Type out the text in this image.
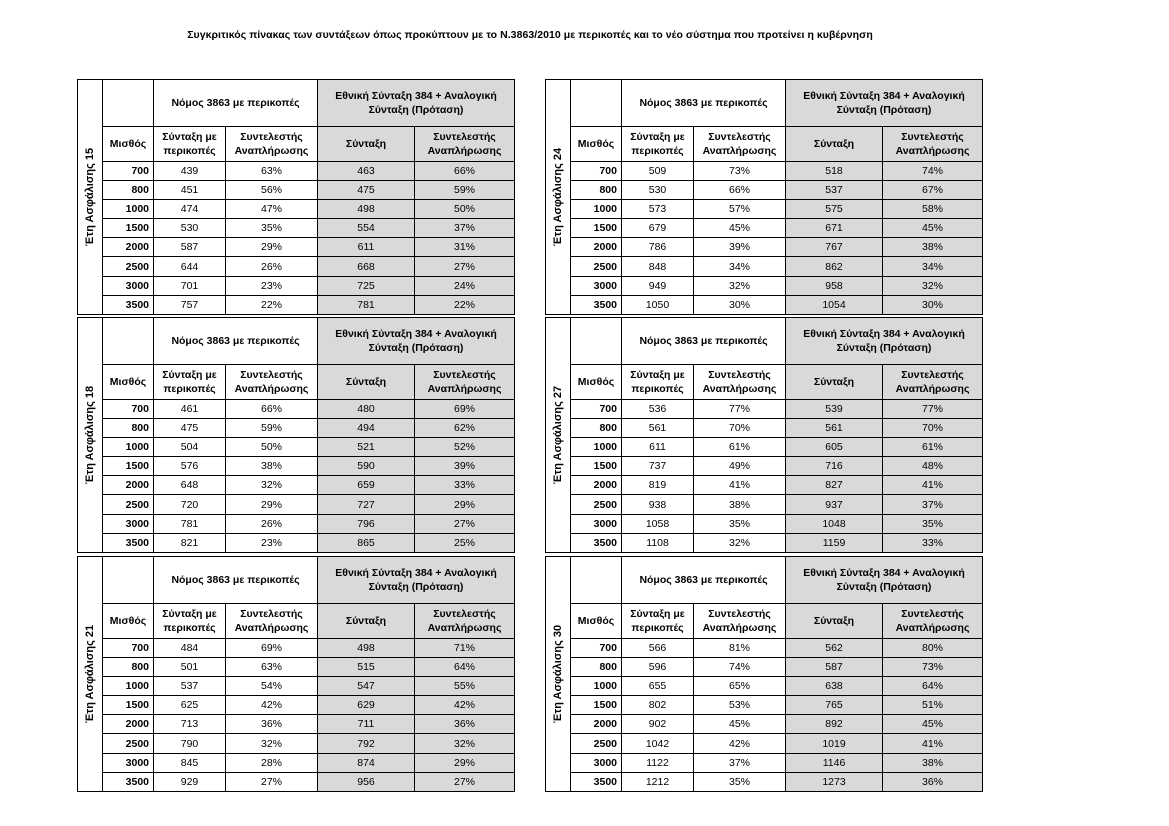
Συγκριτικός πίνακας των συντάξεων όπως προκύπτουν με το Ν.3863/2010 με περικοπές και το νέο σύστημα που προτείνει η κυβέρνηση
Έτη Ασφάλισης 15		Νόμος 3863 με περικοπές		Εθνική Σύνταξη 384 + Αναλογική Σύνταξη (Πρόταση)	
	Μισθός	Σύνταξη με περικοπές	Συντελεστής Αναπλήρωσης	Σύνταξη	Συντελεστής Αναπλήρωσης
	700	439	63%	463	66%
	800	451	56%	475	59%
	1000	474	47%	498	50%
	1500	530	35%	554	37%
	2000	587	29%	611	31%
	2500	644	26%	668	27%
	3000	701	23%	725	24%
	3500	757	22%	781	22%
Έτη Ασφάλισης 24		Νόμος 3863 με περικοπές		Εθνική Σύνταξη 384 + Αναλογική Σύνταξη (Πρόταση)	
	Μισθός	Σύνταξη με περικοπές	Συντελεστής Αναπλήρωσης	Σύνταξη	Συντελεστής Αναπλήρωσης
	700	509	73%	518	74%
	800	530	66%	537	67%
	1000	573	57%	575	58%
	1500	679	45%	671	45%
	2000	786	39%	767	38%
	2500	848	34%	862	34%
	3000	949	32%	958	32%
	3500	1050	30%	1054	30%
Έτη Ασφάλισης 18		Νόμος 3863 με περικοπές		Εθνική Σύνταξη 384 + Αναλογική Σύνταξη (Πρόταση)	
	Μισθός	Σύνταξη με περικοπές	Συντελεστής Αναπλήρωσης	Σύνταξη	Συντελεστής Αναπλήρωσης
	700	461	66%	480	69%
	800	475	59%	494	62%
	1000	504	50%	521	52%
	1500	576	38%	590	39%
	2000	648	32%	659	33%
	2500	720	29%	727	29%
	3000	781	26%	796	27%
	3500	821	23%	865	25%
Έτη Ασφάλισης 27		Νόμος 3863 με περικοπές		Εθνική Σύνταξη 384 + Αναλογική Σύνταξη (Πρόταση)	
	Μισθός	Σύνταξη με περικοπές	Συντελεστής Αναπλήρωσης	Σύνταξη	Συντελεστής Αναπλήρωσης
	700	536	77%	539	77%
	800	561	70%	561	70%
	1000	611	61%	605	61%
	1500	737	49%	716	48%
	2000	819	41%	827	41%
	2500	938	38%	937	37%
	3000	1058	35%	1048	35%
	3500	1108	32%	1159	33%
Έτη Ασφάλισης 21		Νόμος 3863 με περικοπές		Εθνική Σύνταξη 384 + Αναλογική Σύνταξη (Πρόταση)	
	Μισθός	Σύνταξη με περικοπές	Συντελεστής Αναπλήρωσης	Σύνταξη	Συντελεστής Αναπλήρωσης
	700	484	69%	498	71%
	800	501	63%	515	64%
	1000	537	54%	547	55%
	1500	625	42%	629	42%
	2000	713	36%	711	36%
	2500	790	32%	792	32%
	3000	845	28%	874	29%
	3500	929	27%	956	27%
Έτη Ασφάλισης 30		Νόμος 3863 με περικοπές		Εθνική Σύνταξη 384 + Αναλογική Σύνταξη (Πρόταση)	
	Μισθός	Σύνταξη με περικοπές	Συντελεστής Αναπλήρωσης	Σύνταξη	Συντελεστής Αναπλήρωσης
	700	566	81%	562	80%
	800	596	74%	587	73%
	1000	655	65%	638	64%
	1500	802	53%	765	51%
	2000	902	45%	892	45%
	2500	1042	42%	1019	41%
	3000	1122	37%	1146	38%
	3500	1212	35%	1273	36%
